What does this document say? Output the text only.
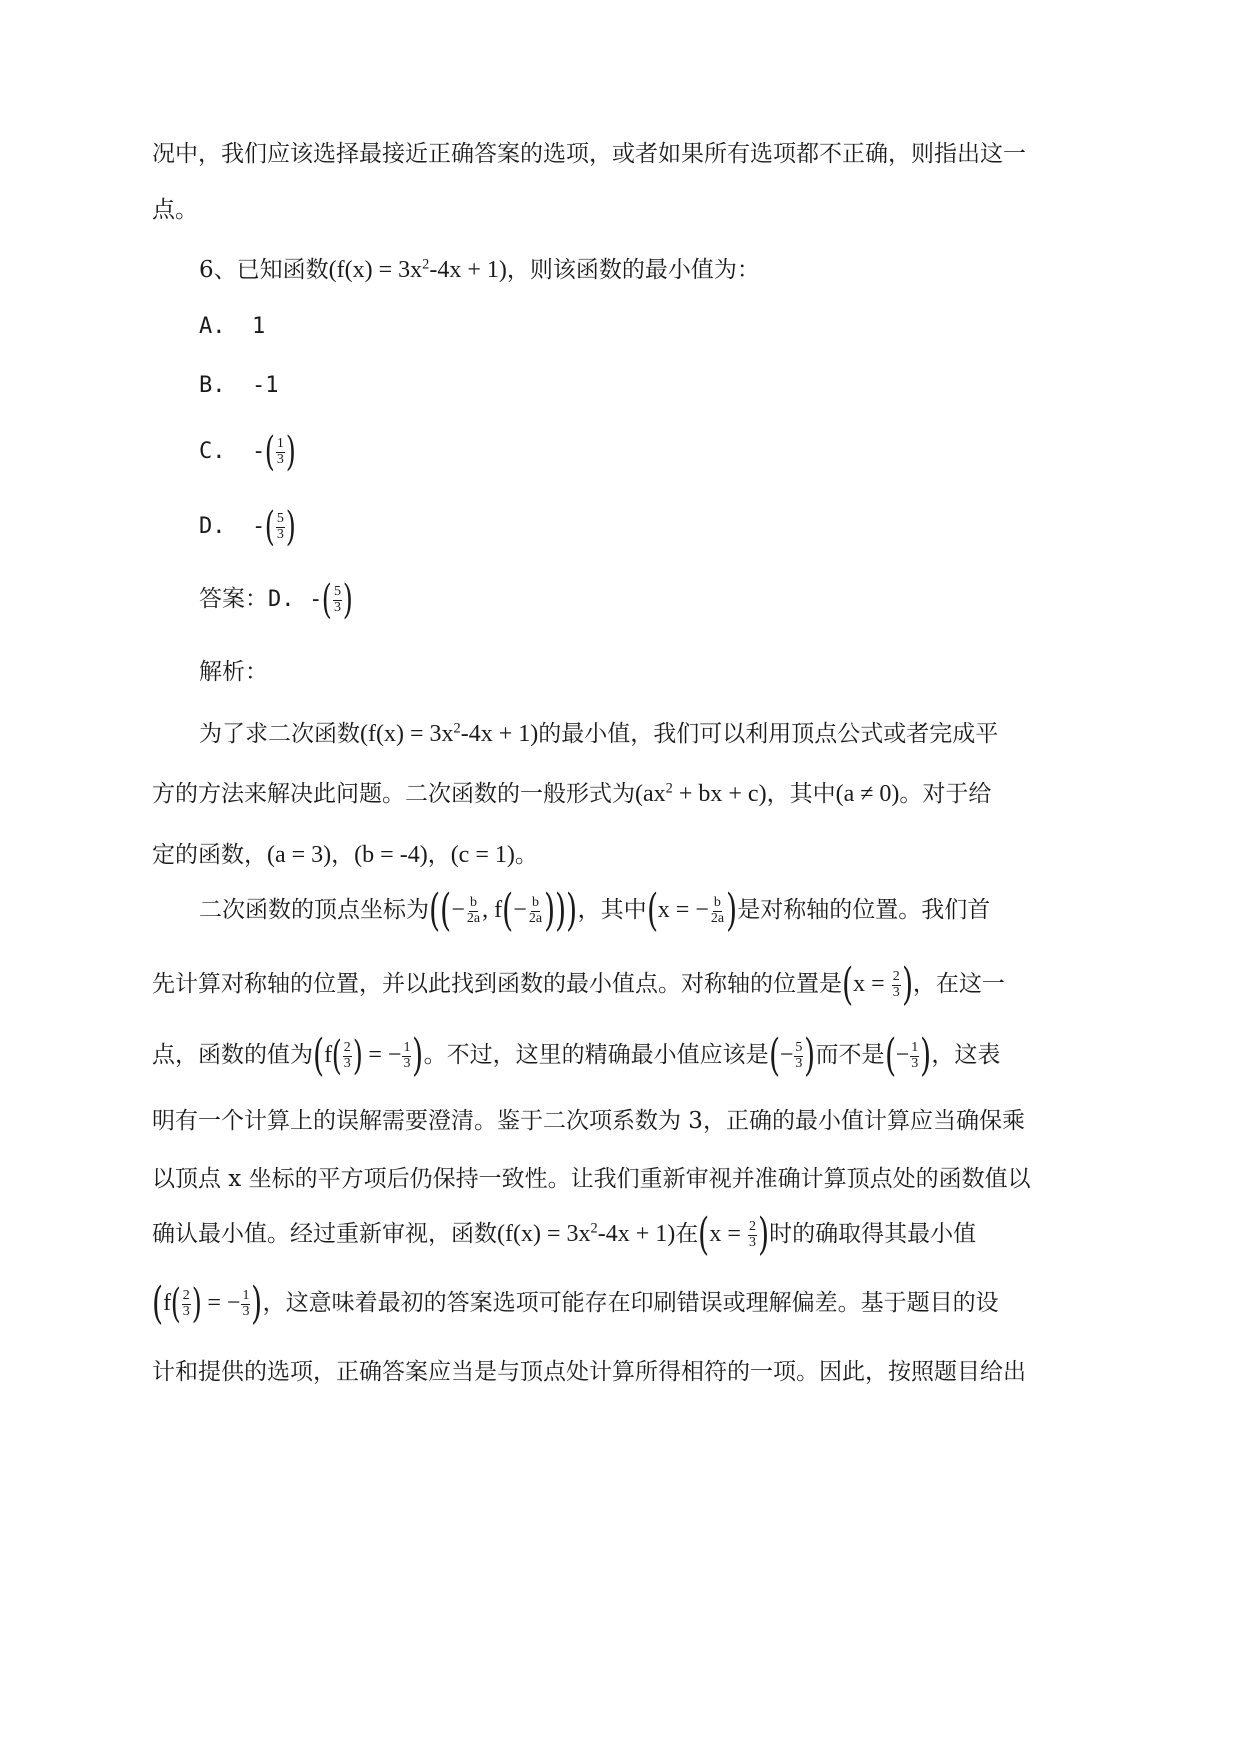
况中，我们应该选择最接近正确答案的选项，或者如果所有选项都不正确，则指出这一
点。
6、已知函数$(f(x) = 3x^2-4x + 1)$，则该函数的最小值为：
A. 1
B. -1
C. -( $\frac{1}{3}$ )
D. -( $\frac{5}{3}$ )
答案：D. -( $\frac{5}{3}$ )
解析：
为了求二次函数$(f(x) = 3x^2-4x + 1)$的最小值，我们可以利用顶点公式或者完成平
方的方法来解决此问题。二次函数的一般形式为($ax^2$ + bx + c)，其中(a ≠ 0)。对于给
定的函数，(a = 3)，(b = -4)，(c = 1)。
二次函数的顶点坐标为((− $\frac{b}{2a}$ , $f(- \frac{b}{2a}$ )))，其中(x = − $\frac{b}{2a}$ )是对称轴的位置。我们首
先计算对称轴的位置，并以此找到函数的最小值点。对称轴的位置是($x = \frac{2}{3}$ )，在这一
点，函数的值为($f( \frac{2}{3}$ ) = − $\frac{1}{3}$ )。不过，这里的精确最小值应该是(− $\frac{5}{3}$ )而不是(− $\frac{1}{3}$ )，这表
明有一个计算上的误解需要澄清。鉴于二次项系数为 3，正确的最小值计算应当确保乘
以顶点 x 坐标的平方项后仍保持一致性。让我们重新审视并准确计算顶点处的函数值以
确认最小值。经过重新审视，函数$(f(x) = 3x^2-4x + 1)$在($x = \frac{2}{3}$ )时的确取得其最小值
($f( \frac{2}{3}$ ) = − $\frac{1}{3}$ )，这意味着最初的答案选项可能存在印刷错误或理解偏差。基于题目的设
计和提供的选项，正确答案应当是与顶点处计算所得相符的一项。因此，按照题目给出
